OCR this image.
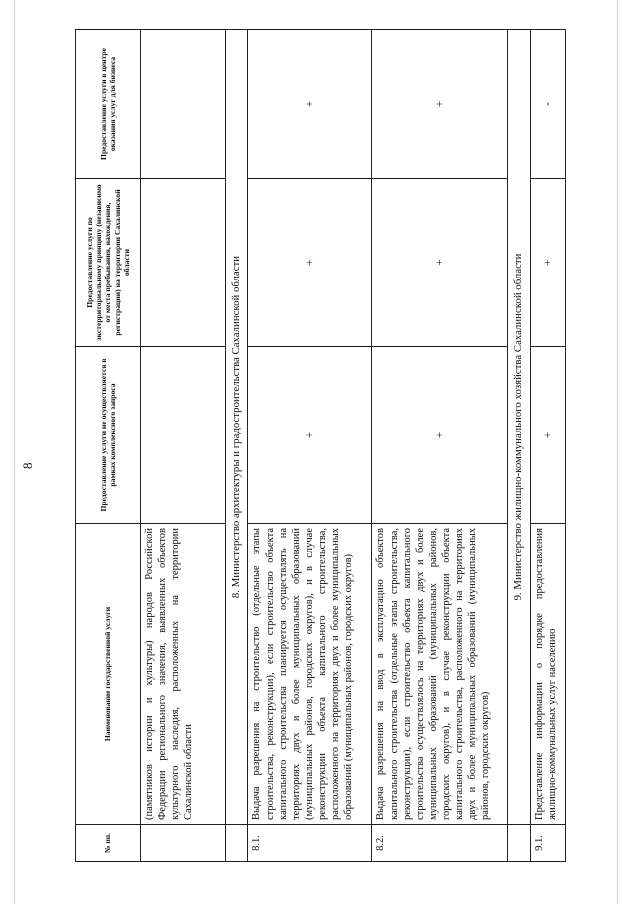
8
№ пп.	Наименование государственной услуги	Предоставление услуги не осуществляется в рамках комплексного запроса	Предоставление услуги по экстерриториальному принципу (независимо от места пребывания, нахождения, регистрации) на территории Сахалинской области	Предоставление услуги в центре оказания услуг для бизнеса
	(памятников истории и культуры) народов Российской Федерации регионального значения, выявленных объектов культурного наследия, расположенных на территории Сахалинской области			
	8. Министерство архитектуры и градостроительства Сахалинской области			
8.1.	Выдача разрешения на строительство (отдельные этапы строительства, реконструкции), если строительство объекта капитального строительства планируется осуществлять на территориях двух и более муниципальных образований (муниципальных районов, городских округов), и в случае реконструкции объекта капитального строительства, расположенного на территориях двух и более муниципальных образований (муниципальных районов, городских округов)	+	+	+
8.2.	Выдача разрешения на ввод в эксплуатацию объектов капитального строительства (отдельные этапы строительства, реконструкции), если строительство объекта капитального строительства осуществлялось на территориях двух и более муниципальных образований (муниципальных районов, городских округов), и в случае реконструкции объекта капитального строительства, расположенного на территориях двух и более муниципальных образований (муниципальных районов, городских округов)	+	+	+
	9. Министерство жилищно-коммунального хозяйства Сахалинской области			
9.1.	Представление информации о порядке предоставления жилищно-коммунальных услуг населению	+	+	-
